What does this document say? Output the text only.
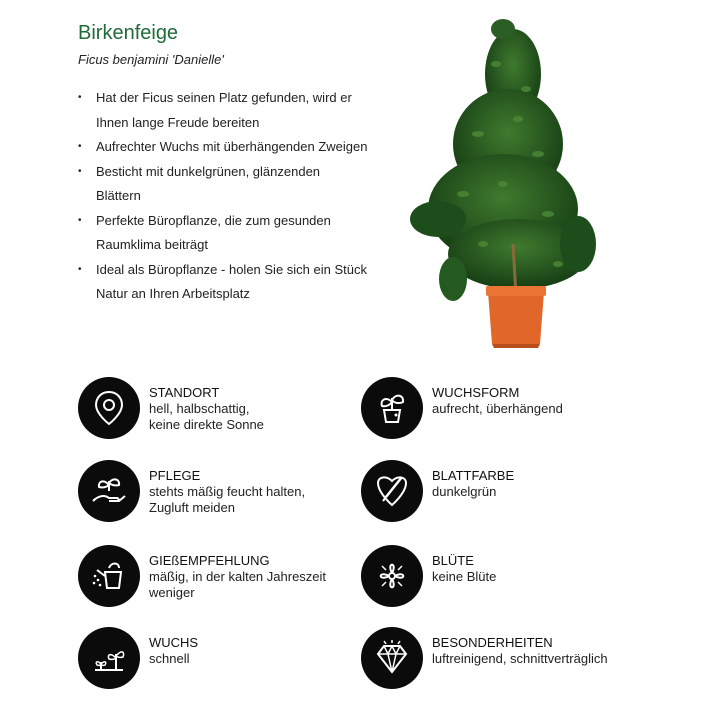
Birkenfeige
Ficus benjamini 'Danielle'
• Hat der Ficus seinen Platz gefunden, wird er Ihnen lange Freude bereiten
• Aufrechter Wuchs mit überhängenden Zweigen
• Besticht mit dunkelgrünen, glänzenden Blättern
• Perfekte Büropflanze, die zum gesunden Raumklima beiträgt
• Ideal als Büropflanze - holen Sie sich ein Stück Natur an Ihren Arbeitsplatz
STANDORT
hell, halbschattig,
keine direkte Sonne
WUCHSFORM
aufrecht, überhängend
PFLEGE
stehts mäßig feucht halten,
Zugluft meiden
BLATTFARBE
dunkelgrün
GIEßEMPFEHLUNG
mäßig, in der kalten Jahreszeit
weniger
BLÜTE
keine Blüte
WUCHS
schnell
BESONDERHEITEN
luftreinigend, schnittverträglich
